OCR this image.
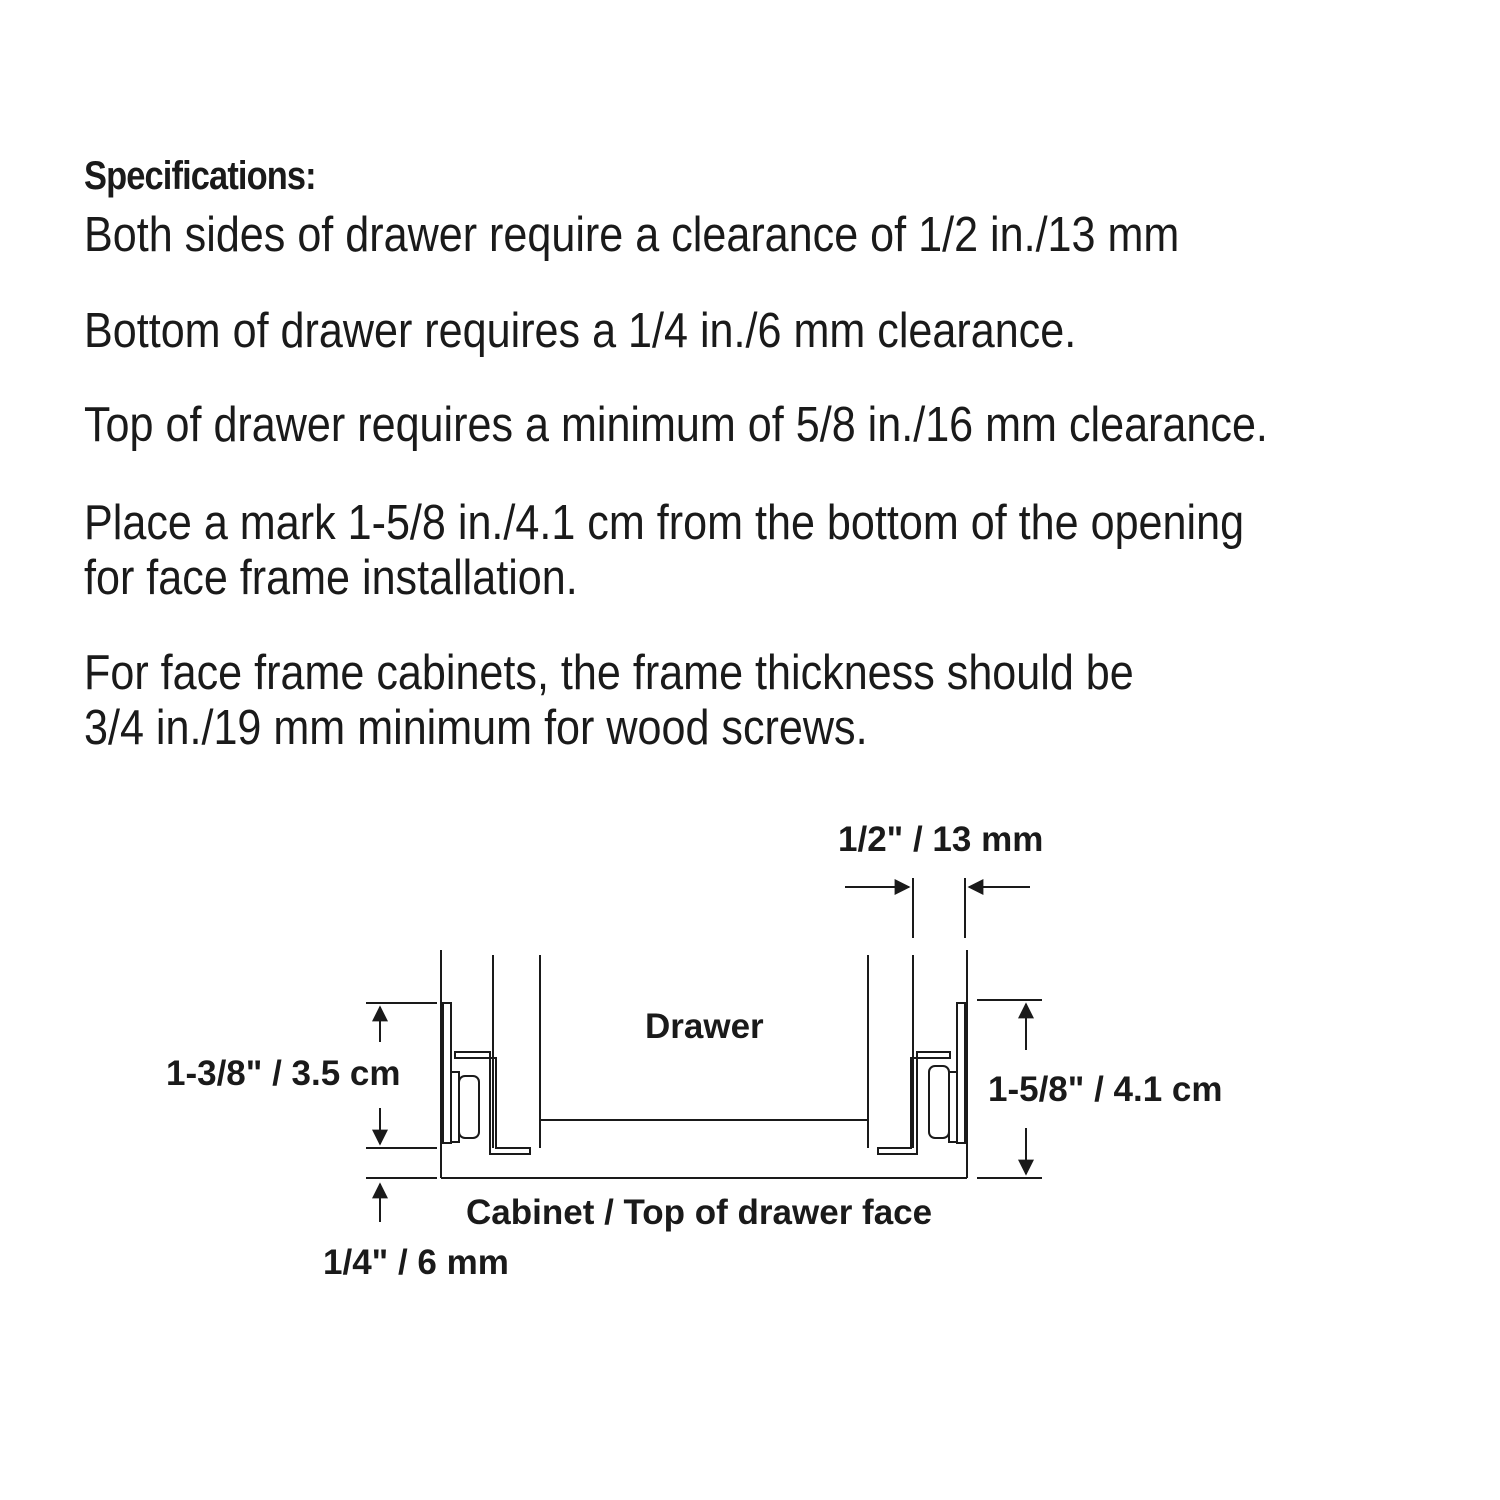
Specifications:

Both sides of drawer require a clearance of 1/2 in./13 mm

Bottom of drawer requires a 1/4 in./6 mm clearance.

Top of drawer requires a minimum of 5/8 in./16 mm clearance.

Place a mark 1-5/8 in./4.1 cm from the bottom of the opening

for face frame installation.

For face frame cabinets, the frame thickness should be

3/4 in./19 mm minimum for wood screws.

1/2" / 13 mm
Drawer
1-3/8" / 3.5 cm	1-5/8" / 4.1 cm
Cabinet / Top of drawer face
1/4" / 6 mm
